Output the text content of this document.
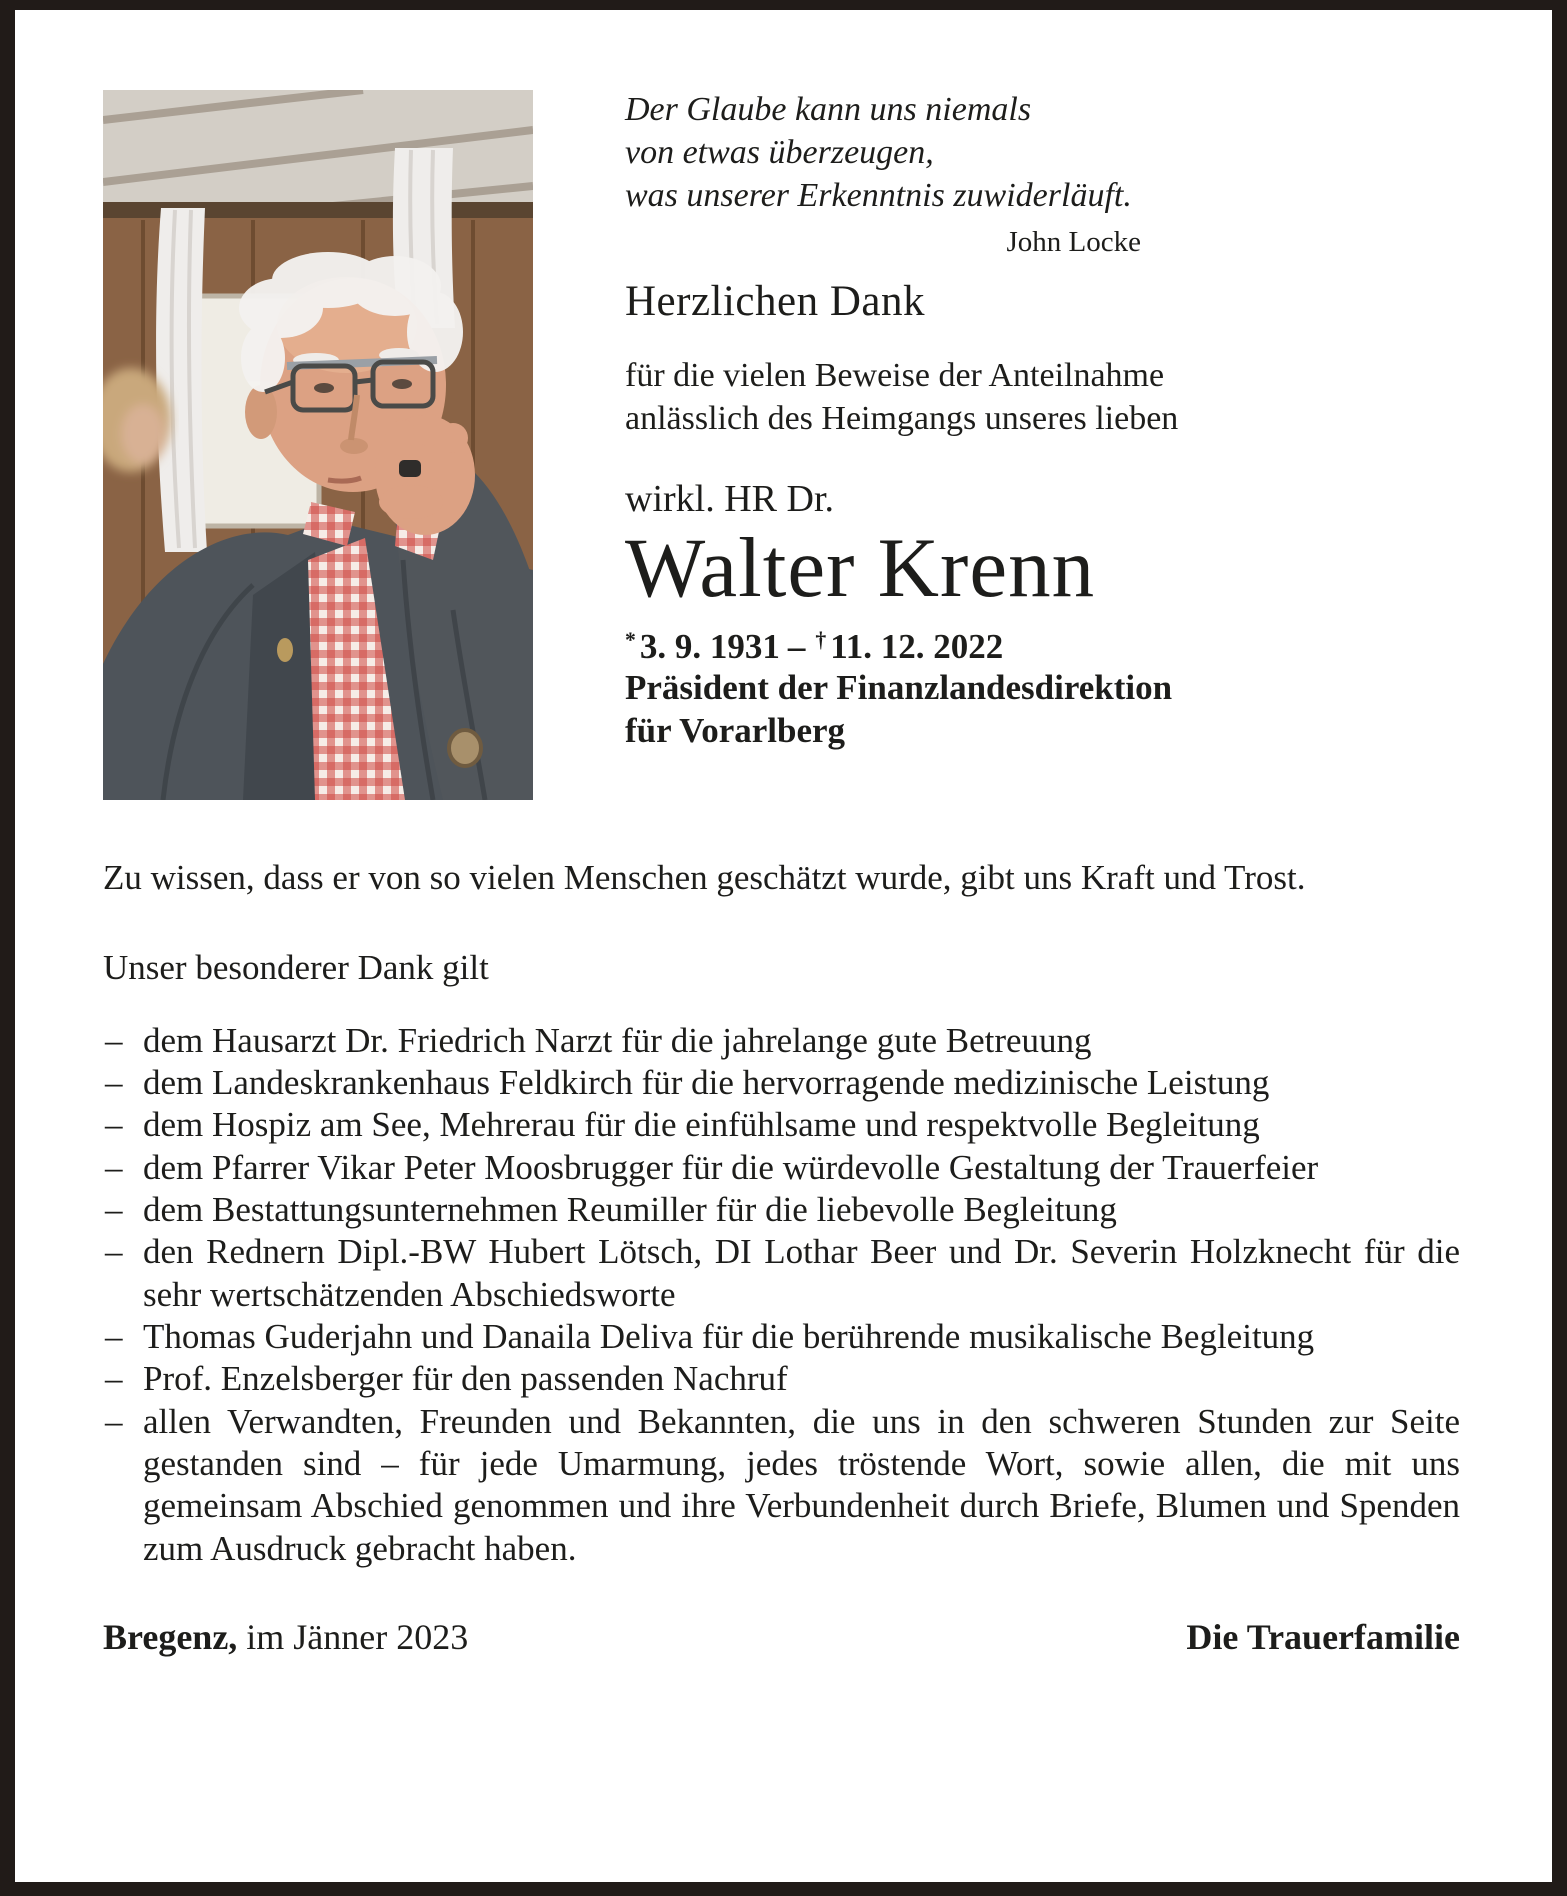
Der Glaube kann uns niemals
von etwas überzeugen,
was unserer Erkenntnis zuwiderläuft.
John Locke
Herzlichen Dank
für die vielen Beweise der Anteilnahme
anlässlich des Heimgangs unseres lieben
wirkl. HR Dr.
Walter Krenn
* 3. 9. 1931 – † 11. 12. 2022
Präsident der Finanzlandesdirektion
für Vorarlberg
Zu wissen, dass er von so vielen Menschen geschätzt wurde, gibt uns Kraft und Trost.
Unser besonderer Dank gilt
– dem Hausarzt Dr. Friedrich Narzt für die jahrelange gute Betreuung
– dem Landeskrankenhaus Feldkirch für die hervorragende medizinische Leistung
– dem Hospiz am See, Mehrerau für die einfühlsame und respektvolle Begleitung
– dem Pfarrer Vikar Peter Moosbrugger für die würdevolle Gestaltung der Trauerfeier
– dem Bestattungsunternehmen Reumiller für die liebevolle Begleitung
– den Rednern Dipl.-BW Hubert Lötsch, DI Lothar Beer und Dr. Severin Holzknecht für die sehr wertschätzenden Abschiedsworte
– Thomas Guderjahn und Danaila Deliva für die berührende musikalische Begleitung
– Prof. Enzelsberger für den passenden Nachruf
– allen Verwandten, Freunden und Bekannten, die uns in den schweren Stunden zur Seite gestanden sind – für jede Umarmung, jedes tröstende Wort, sowie allen, die mit uns gemeinsam Abschied genommen und ihre Verbundenheit durch Briefe, Blumen und Spenden zum Ausdruck gebracht haben.
Bregenz, im Jänner 2023	Die Trauerfamilie
